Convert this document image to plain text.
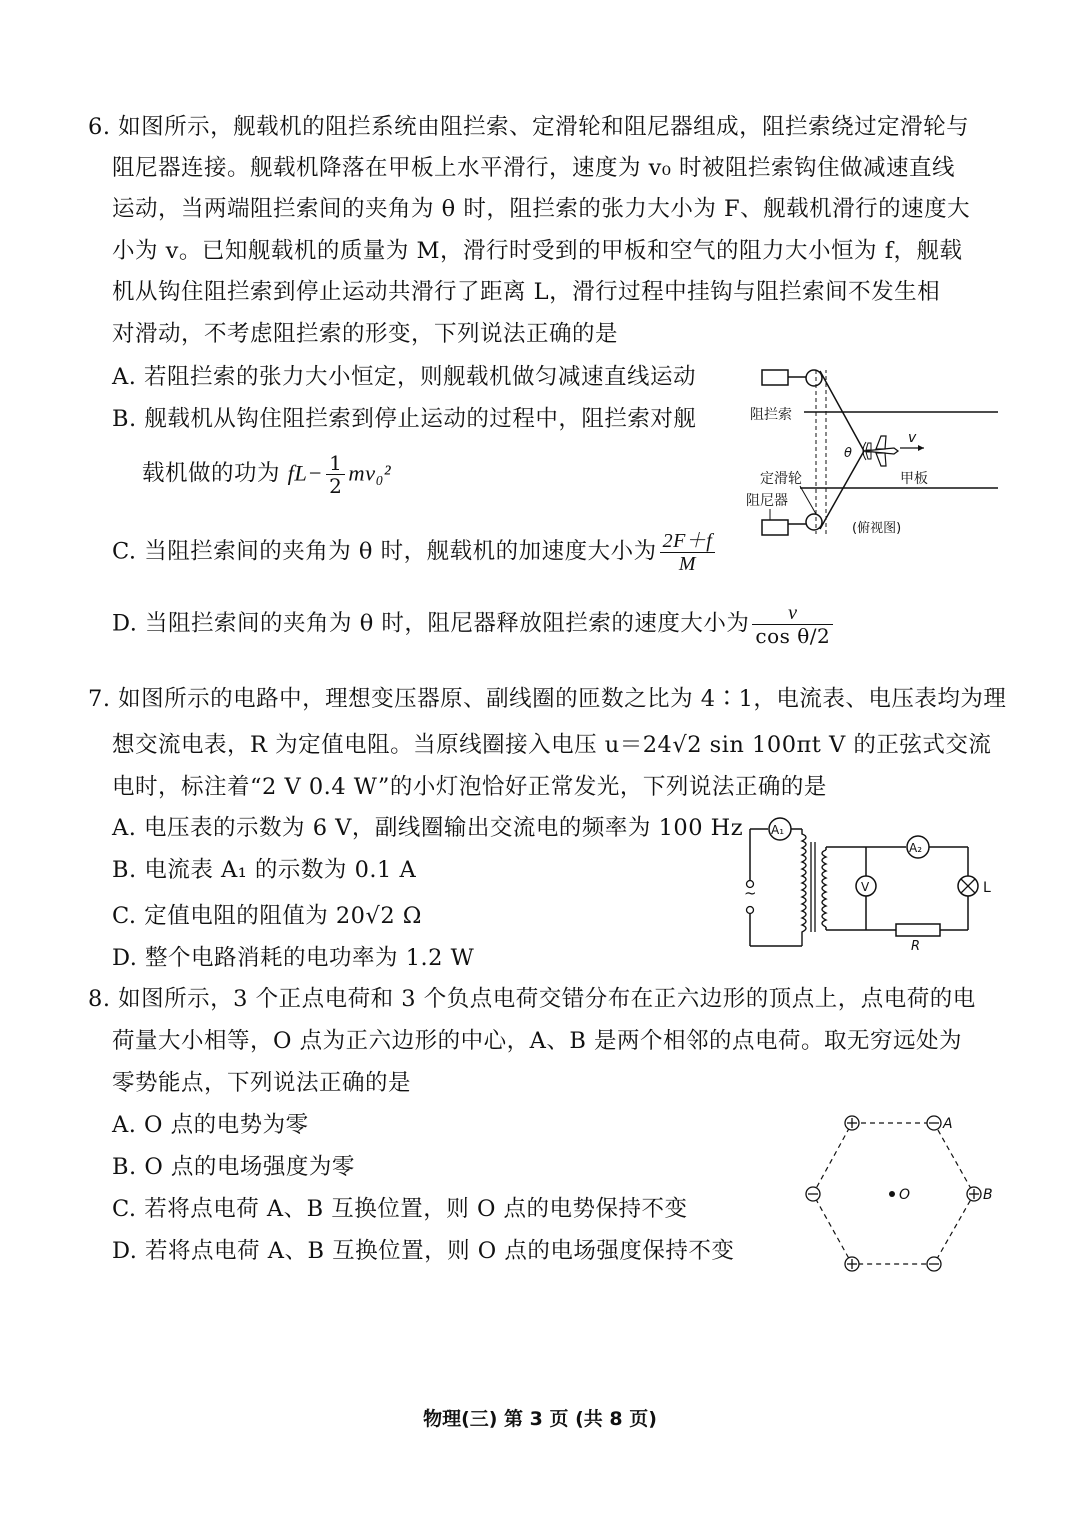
6. 如图所示，舰载机的阻拦系统由阻拦索、定滑轮和阻尼器组成，阻拦索绕过定滑轮与
阻尼器连接。舰载机降落在甲板上水平滑行，速度为 v₀ 时被阻拦索钩住做减速直线
运动，当两端阻拦索间的夹角为 θ 时，阻拦索的张力大小为 F、舰载机滑行的速度大
小为 v。已知舰载机的质量为 M，滑行时受到的甲板和空气的阻力大小恒为 f，舰载
机从钩住阻拦索到停止运动共滑行了距离 L，滑行过程中挂钩与阻拦索间不发生相
对滑动，不考虑阻拦索的形变，下列说法正确的是
A. 若阻拦索的张力大小恒定，则舰载机做匀减速直线运动
B. 舰载机从钩住阻拦索到停止运动的过程中，阻拦索对舰
载机做的功为 $fL- \frac{1}{2} mv_0^2$
C. 当阻拦索间的夹角为 θ 时，舰载机的加速度大小为 $\frac{2F+f}{M}$
D. 当阻拦索间的夹角为 θ 时，阻尼器释放阻拦索的速度大小为 $\frac{v}{\text{cos θ/2}}$
v
θ
阻拦索
定滑轮
阻尼器
甲板
(俯视图)
7. 如图所示的电路中，理想变压器原、副线圈的匝数之比为 4∶1，电流表、电压表均为理
想交流电表，R 为定值电阻。当原线圈接入电压 u＝24√2 sin 100πt V 的正弦式交流
电时，标注着“2 V 0.4 W”的小灯泡恰好正常发光，下列说法正确的是
A. 电压表的示数为 6 V，副线圈输出交流电的频率为 100 Hz
B. 电流表 A₁ 的示数为 0.1 A
C. 定值电阻的阻值为 20√2 Ω
D. 整个电路消耗的电功率为 1.2 W
~
A₁
A₂
V	L
R
8. 如图所示，3 个正点电荷和 3 个负点电荷交错分布在正六边形的顶点上，点电荷的电
荷量大小相等，O 点为正六边形的中心，A、B 是两个相邻的点电荷。取无穷远处为
零势能点，下列说法正确的是
A. O 点的电势为零
B. O 点的电场强度为零
C. 若将点电荷 A、B 互换位置，则 O 点的电势保持不变
D. 若将点电荷 A、B 互换位置，则 O 点的电场强度保持不变
O
A
B
物理(三) 第 3 页 (共 8 页)
